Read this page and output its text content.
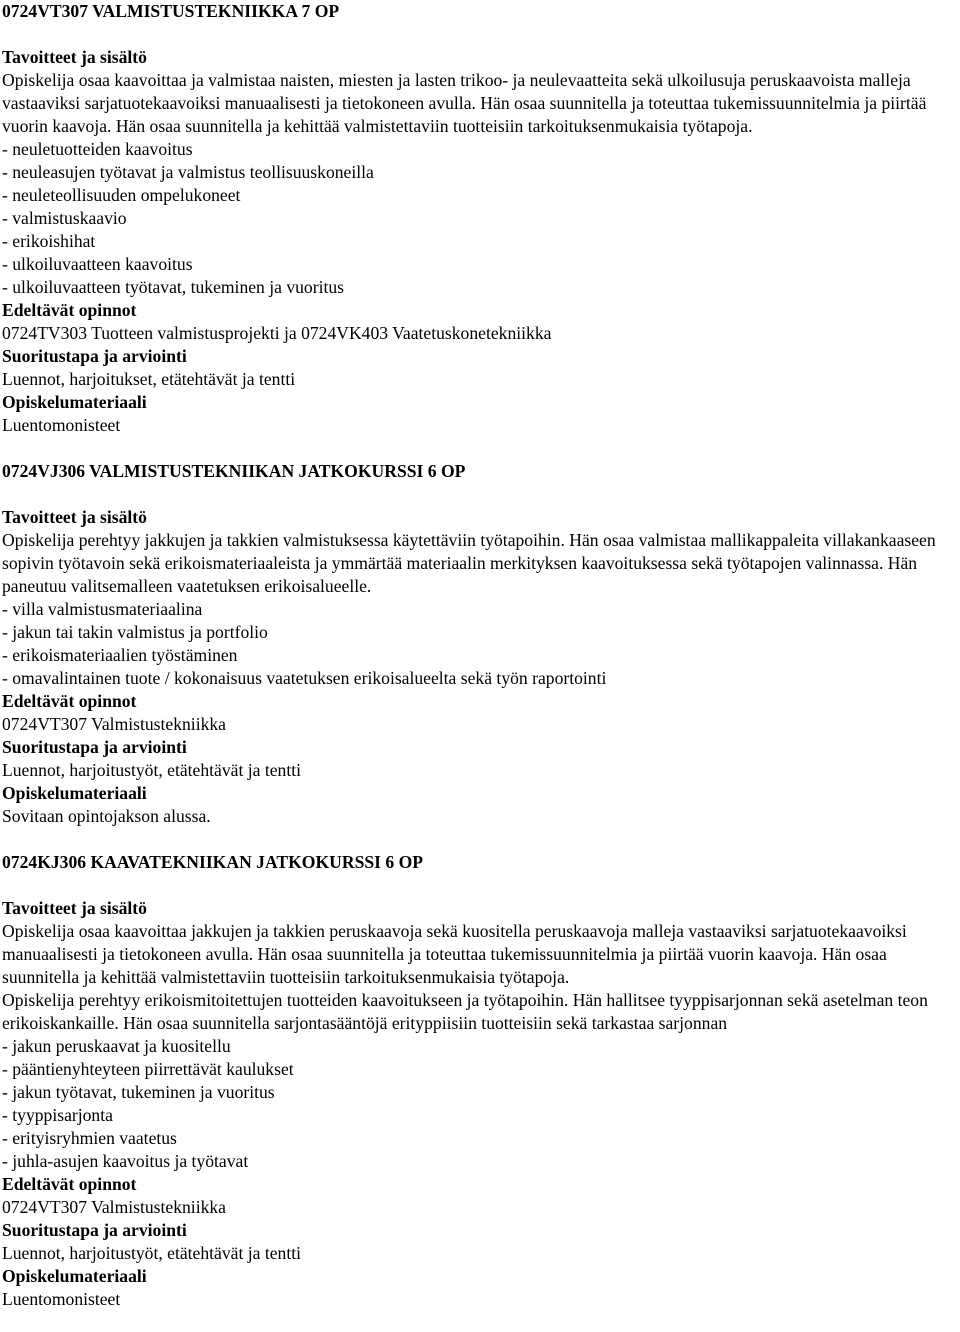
0724VT307 VALMISTUSTEKNIIKKA 7 OP

Tavoitteet ja sisältö

Opiskelija osaa kaavoittaa ja valmistaa naisten, miesten ja lasten trikoo- ja neulevaatteita sekä ulkoilusuja peruskaavoista malleja vastaaviksi sarjatuotekaavoiksi manuaalisesti ja tietokoneen avulla. Hän osaa suunnitella ja toteuttaa tukemissuunnitelmia ja piirtää vuorin kaavoja. Hän osaa suunnitella ja kehittää valmistettaviin tuotteisiin tarkoituksenmukaisia työtapoja.

- neuletuotteiden kaavoitus
- neuleasujen työtavat ja valmistus teollisuuskoneilla
- neuleteollisuuden ompelukoneet
- valmistuskaavio
- erikoishihat
- ulkoiluvaatteen kaavoitus
- ulkoiluvaatteen työtavat, tukeminen ja vuoritus

Edeltävät opinnot

0724TV303 Tuotteen valmistusprojekti ja 0724VK403 Vaatetuskonetekniikka

Suoritustapa ja arviointi

Luennot, harjoitukset, etätehtävät ja tentti

Opiskelumateriaali

Luentomonisteet

0724VJ306 VALMISTUSTEKNIIKAN JATKOKURSSI 6 OP

Tavoitteet ja sisältö

Opiskelija perehtyy jakkujen ja takkien valmistuksessa käytettäviin työtapoihin. Hän osaa valmistaa mallikappaleita villakankaaseen sopivin työtavoin sekä erikoismateriaaleista ja ymmärtää materiaalin merkityksen kaavoituksessa sekä työtapojen valinnassa. Hän paneutuu valitsemalleen vaatetuksen erikoisalueelle.

- villa valmistusmateriaalina
- jakun tai takin valmistus ja portfolio
- erikoismateriaalien työstäminen
- omavalintainen tuote / kokonaisuus vaatetuksen erikoisalueelta sekä työn raportointi

Edeltävät opinnot

0724VT307 Valmistustekniikka

Suoritustapa ja arviointi

Luennot, harjoitustyöt, etätehtävät ja tentti

Opiskelumateriaali

Sovitaan opintojakson alussa.

0724KJ306 KAAVATEKNIIKAN JATKOKURSSI 6 OP

Tavoitteet ja sisältö

Opiskelija osaa kaavoittaa jakkujen ja takkien peruskaavoja sekä kuositella peruskaavoja malleja vastaaviksi sarjatuotekaavoiksi manuaalisesti ja tietokoneen avulla. Hän osaa suunnitella ja toteuttaa tukemissuunnitelmia ja piirtää vuorin kaavoja. Hän osaa suunnitella ja kehittää valmistettaviin tuotteisiin tarkoituksenmukaisia työtapoja.

Opiskelija perehtyy erikoismitoitettujen tuotteiden kaavoitukseen ja työtapoihin. Hän hallitsee tyyppisarjonnan sekä asetelman teon erikoiskankaille. Hän osaa suunnitella sarjontasääntöjä erityppiisiin tuotteisiin sekä tarkastaa sarjonnan

- jakun peruskaavat ja kuositellu
- pääntienyhteyteen piirrettävät kaulukset
- jakun työtavat, tukeminen ja vuoritus
- tyyppisarjonta
- erityisryhmien vaatetus
- juhla-asujen kaavoitus ja työtavat

Edeltävät opinnot

0724VT307 Valmistustekniikka

Suoritustapa ja arviointi

Luennot, harjoitustyöt, etätehtävät ja tentti

Opiskelumateriaali

Luentomonisteet
